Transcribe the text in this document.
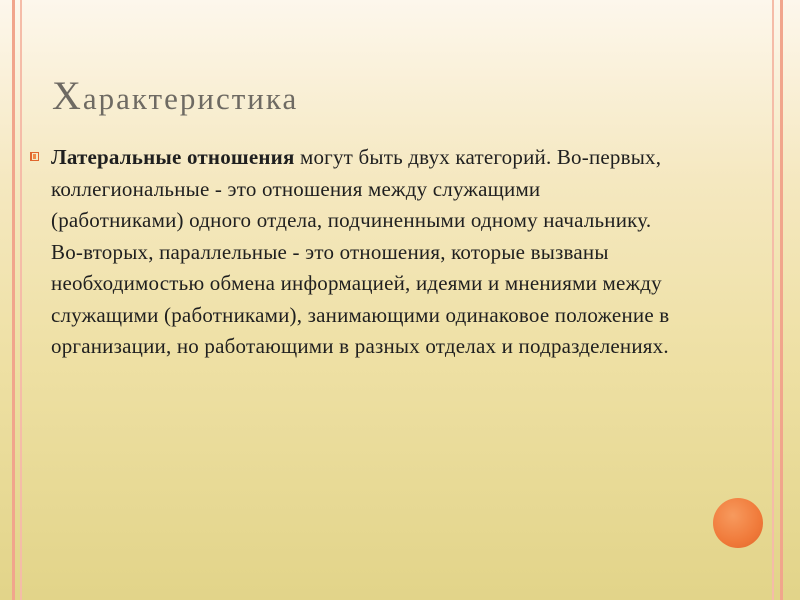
Характеристика
Латеральные отношения могут быть двух категорий. Во-первых, коллегиональные - это отношения между служащими (работниками) одного отдела, подчиненными одному начальнику. Во-вторых, параллельные - это отношения, которые вызваны необходимостью обмена информацией, идеями и мнениями между служащими (работниками), занимающими одинаковое положение в организации, но работающими в разных отделах и подразделениях.
